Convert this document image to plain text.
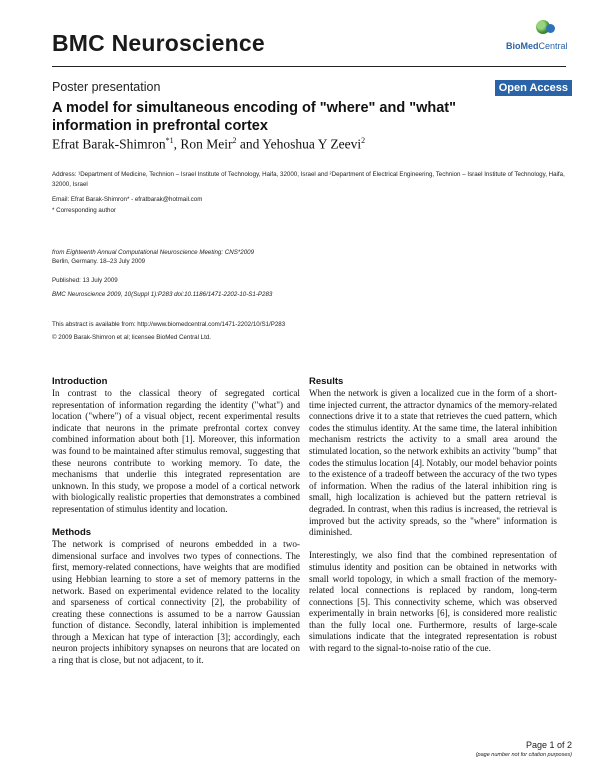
BMC Neuroscience	BioMedCentral
Poster presentation	Open Access
A model for simultaneous encoding of "where" and "what" information in prefrontal cortex
Efrat Barak-Shimron$^{*1}$, Ron Meir$^2$ and Yehoshua Y Zeevi$^2$
Address: ¹Department of Medicine, Technion – Israel Institute of Technology, Haifa, 32000, Israel and ²Department of Electrical Engineering, Technion – Israel Institute of Technology, Haifa, 32000, Israel
Email: Efrat Barak-Shimron* - efratbarak@hotmail.com
* Corresponding author
from Eighteenth Annual Computational Neuroscience Meeting: CNS*2009
Berlin, Germany. 18–23 July 2009
Published: 13 July 2009
BMC Neuroscience 2009, 10(Suppl 1):P283 doi:10.1186/1471-2202-10-S1-P283
This abstract is available from: http://www.biomedcentral.com/1471-2202/10/S1/P283
© 2009 Barak-Shimron et al; licensee BioMed Central Ltd.
Introduction

In contrast to the classical theory of segregated cortical representation of information regarding the identity ("what") and location ("where") of a visual object, recent experimental results indicate that neurons in the primate prefrontal cortex convey combined information about both [1]. Moreover, this information was found to be maintained after stimulus removal, suggesting that these neurons contribute to working memory. To date, the mechanisms that underlie this integrated representation are unknown. In this study, we propose a model of a cortical network with biologically realistic properties that demonstrates a combined representation of stimulus identity and location.

Methods

The network is comprised of neurons embedded in a two-dimensional surface and involves two types of connections. The first, memory-related connections, have weights that are modified using Hebbian learning to store a set of memory patterns in the network. Based on experimental evidence related to the locality and sparseness of cortical connectivity [2], the probability of creating these connections is assumed to be a narrow Gaussian function of distance. Secondly, lateral inhibition is implemented through a Mexican hat type of interaction [3]; accordingly, each neuron projects inhibitory synapses on neurons that are located on a ring that is close, but not adjacent, to it.

Results

When the network is given a localized cue in the form of a short-time injected current, the attractor dynamics of the memory-related connections drive it to a state that retrieves the cued pattern, which codes the stimulus identity. At the same time, the lateral inhibition mechanism restricts the activity to a small area around the stimulated location, so the network exhibits an activity "bump" that codes the stimulus location [4]. Notably, our model behavior points to the existence of a tradeoff between the accuracy of the two types of information. When the radius of the lateral inhibition ring is small, high localization is achieved but the pattern retrieval is degraded. In contrast, when this radius is increased, the retrieval is improved but the activity spreads, so the "where" information is diminished.

Interestingly, we also find that the combined representation of stimulus identity and position can be obtained in networks with small world topology, in which a small fraction of the memory-related local connections is replaced by random, long-term connections [5]. This connectivity scheme, which was observed experimentally in brain networks [6], is considered more realistic than the fully local one. Furthermore, results of large-scale simulations indicate that the integrated representation is robust with regard to the signal-to-noise ratio of the cue.

Page 1 of 2
(page number not for citation purposes)
